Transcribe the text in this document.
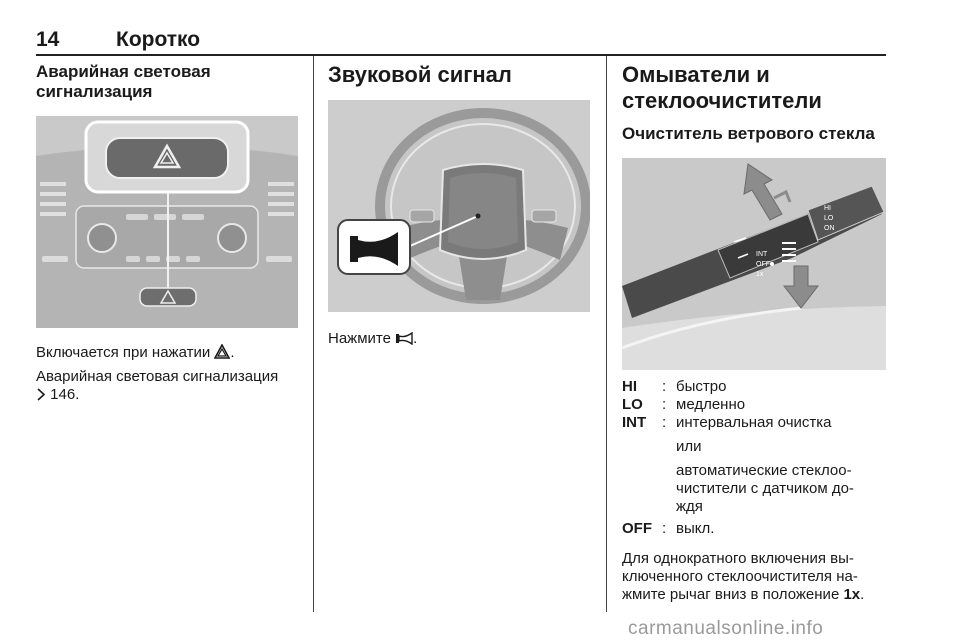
14	Коротко
Аварийная световая
сигнализация

Включается при нажатии .

Аварийная световая сигнализация
146.

Звуковой сигнал

Нажмите .

Омыватели и
стеклоочистители
Очиститель ветрового стекла
HI
LO
ON
INT
OFF
1x
HI	: быстро
LO	: медленно
INT	: интервальная очистка
или
автоматические стеклоо-чистители с датчиком до-ждя
OFF : выкл.

Для однократного включения вы-ключенного стеклоочистителя на-жмите рычаг вниз в положение 1x.

carmanualsonline.info
